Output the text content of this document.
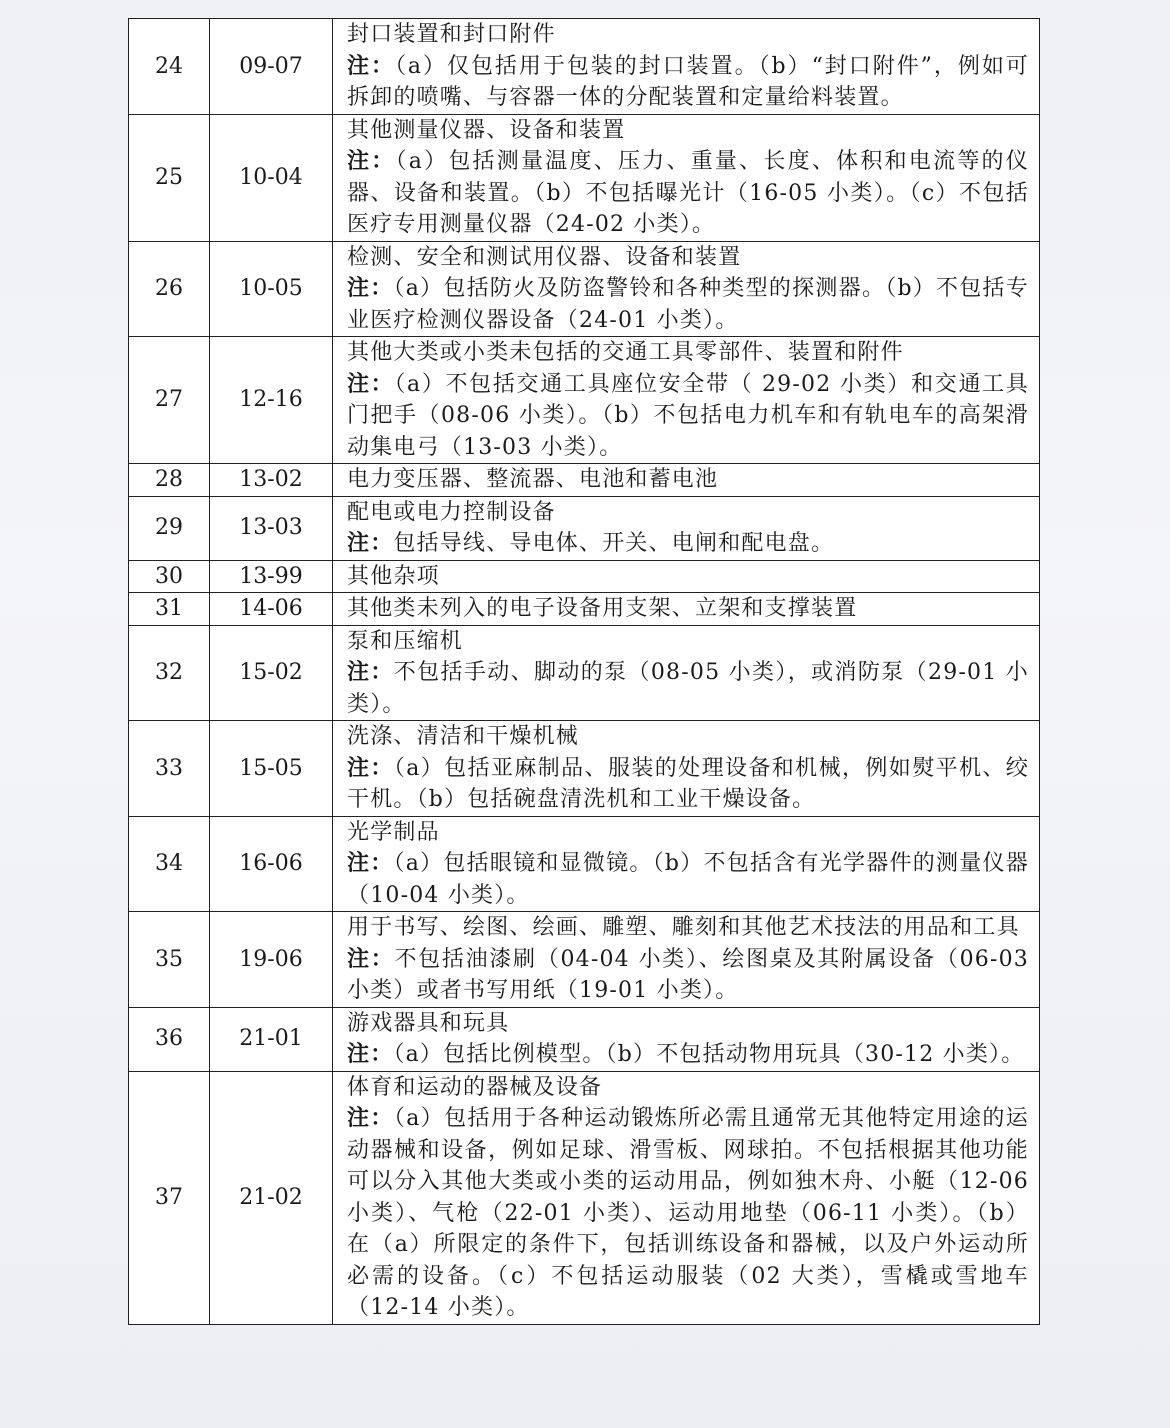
24	09-07	封口装置和封口附件
注：（a）仅包括用于包装的封口装置。（b）“封口附件”，例如可拆卸的喷嘴、与容器一体的分配装置和定量给料装置。

25	10-04	其他测量仪器、设备和装置
注：（a）包括测量温度、压力、重量、长度、体积和电流等的仪器、设备和装置。（b）不包括曝光计（16-05 小类）。（c）不包括医疗专用测量仪器（24-02 小类）。

26	10-05	检测、安全和测试用仪器、设备和装置
注：（a）包括防火及防盗警铃和各种类型的探测器。（b）不包括专业医疗检测仪器设备（24-01 小类）。

27	12-16	其他大类或小类未包括的交通工具零部件、装置和附件
注：（a）不包括交通工具座位安全带（ 29-02 小类）和交通工具门把手（08-06 小类）。（b）不包括电力机车和有轨电车的高架滑动集电弓（13-03 小类）。

28	13-02	电力变压器、整流器、电池和蓄电池

29	13-03	配电或电力控制设备
注：包括导线、导电体、开关、电闸和配电盘。

30	13-99	其他杂项

31	14-06	其他类未列入的电子设备用支架、立架和支撑装置

32	15-02	泵和压缩机
注：不包括手动、脚动的泵（08-05 小类），或消防泵（29-01 小类）。

33	15-05	洗涤、清洁和干燥机械
注：（a）包括亚麻制品、服装的处理设备和机械，例如熨平机、绞干机。（b）包括碗盘清洗机和工业干燥设备。

34	16-06	光学制品
注：（a）包括眼镜和显微镜。（b）不包括含有光学器件的测量仪器（10-04 小类）。

35	19-06	用于书写、绘图、绘画、雕塑、雕刻和其他艺术技法的用品和工具
注：不包括油漆刷（04-04 小类）、绘图桌及其附属设备（06-03 小类）或者书写用纸（19-01 小类）。

36	21-01	游戏器具和玩具
注：（a）包括比例模型。（b）不包括动物用玩具（30-12 小类）。

37	21-02	体育和运动的器械及设备
注：（a）包括用于各种运动锻炼所必需且通常无其他特定用途的运动器械和设备，例如足球、滑雪板、网球拍。不包括根据其他功能可以分入其他大类或小类的运动用品，例如独木舟、小艇（12-06 小类）、气枪（22-01 小类）、运动用地垫（06-11 小类）。（b）在（a）所限定的条件下，包括训练设备和器械，以及户外运动所必需的设备。（c）不包括运动服装（02 大类），雪橇或雪地车（12-14 小类）。
